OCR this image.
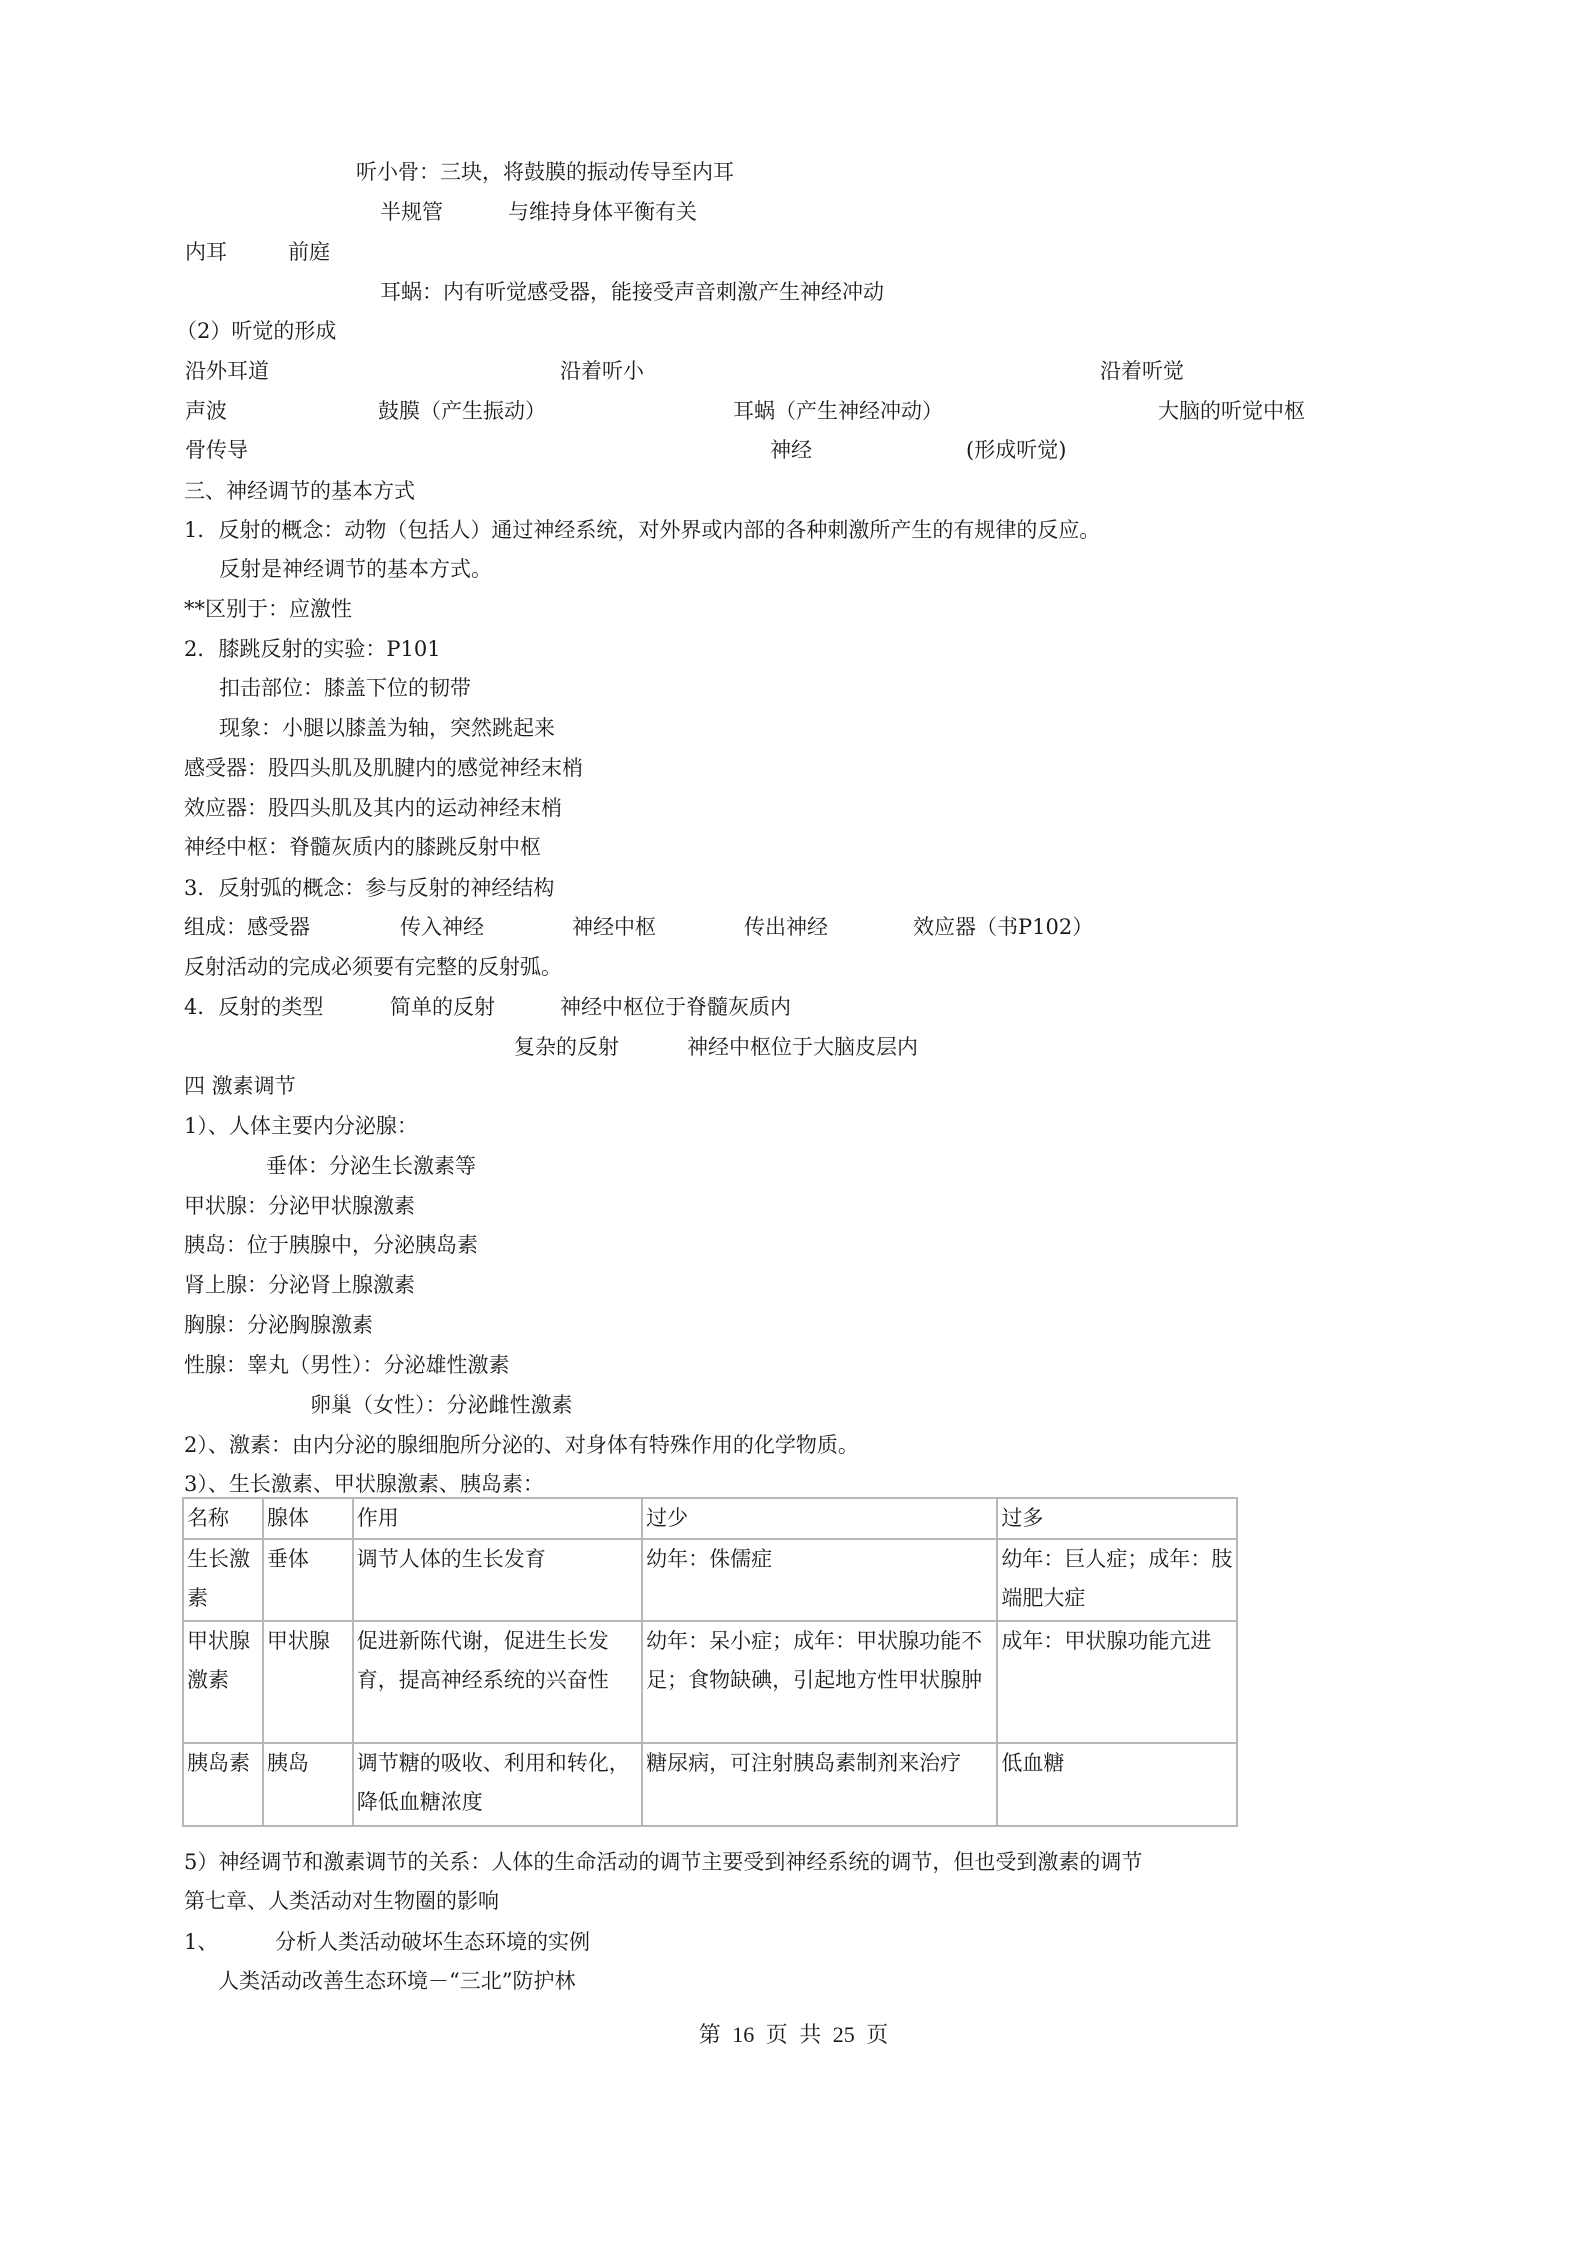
听小骨：三块，将鼓膜的振动传导至内耳
半规管	与维持身体平衡有关
内耳	前庭
耳蜗：内有听觉感受器，能接受声音刺激产生神经冲动
（2）听觉的形成
沿外耳道	沿着听小	沿着听觉
声波	鼓膜（产生振动）	耳蜗（产生神经冲动）	大脑的听觉中枢
骨传导	神经	(形成听觉)
三、神经调节的基本方式
1．反射的概念：动物（包括人）通过神经系统，对外界或内部的各种刺激所产生的有规律的反应。
反射是神经调节的基本方式。
**区别于：应激性
2．膝跳反射的实验：P101
扣击部位：膝盖下位的韧带
现象：小腿以膝盖为轴，突然跳起来
感受器：股四头肌及肌腱内的感觉神经末梢
效应器：股四头肌及其内的运动神经末梢
神经中枢：脊髓灰质内的膝跳反射中枢
3．反射弧的概念：参与反射的神经结构
组成：感受器	传入神经	神经中枢	传出神经	效应器（书P102）
反射活动的完成必须要有完整的反射弧。
4．反射的类型	简单的反射	神经中枢位于脊髓灰质内
复杂的反射	神经中枢位于大脑皮层内
四 激素调节
1）、人体主要内分泌腺：
垂体：分泌生长激素等
甲状腺：分泌甲状腺激素
胰岛：位于胰腺中，分泌胰岛素
肾上腺：分泌肾上腺激素
胸腺：分泌胸腺激素
性腺：睾丸（男性）：分泌雄性激素
卵巢（女性）：分泌雌性激素
2）、激素：由内分泌的腺细胞所分泌的、对身体有特殊作用的化学物质。
3）、生长激素、甲状腺激素、胰岛素：
名称	腺体	作用	过少	过多
生长激素	垂体	调节人体的生长发育	幼年：侏儒症	幼年：巨人症；成年：肢端肥大症
甲状腺激素	甲状腺	促进新陈代谢，促进生长发育，提高神经系统的兴奋性	幼年：呆小症；成年：甲状腺功能不足；食物缺碘，引起地方性甲状腺肿	成年：甲状腺功能亢进
胰岛素	胰岛	调节糖的吸收、利用和转化，降低血糖浓度	糖尿病，可注射胰岛素制剂来治疗	低血糖
5）神经调节和激素调节的关系：人体的生命活动的调节主要受到神经系统的调节，但也受到激素的调节
第七章、人类活动对生物圈的影响
1、	分析人类活动破坏生态环境的实例
人类活动改善生态环境－“三北”防护林
第 16 页 共 25 页
